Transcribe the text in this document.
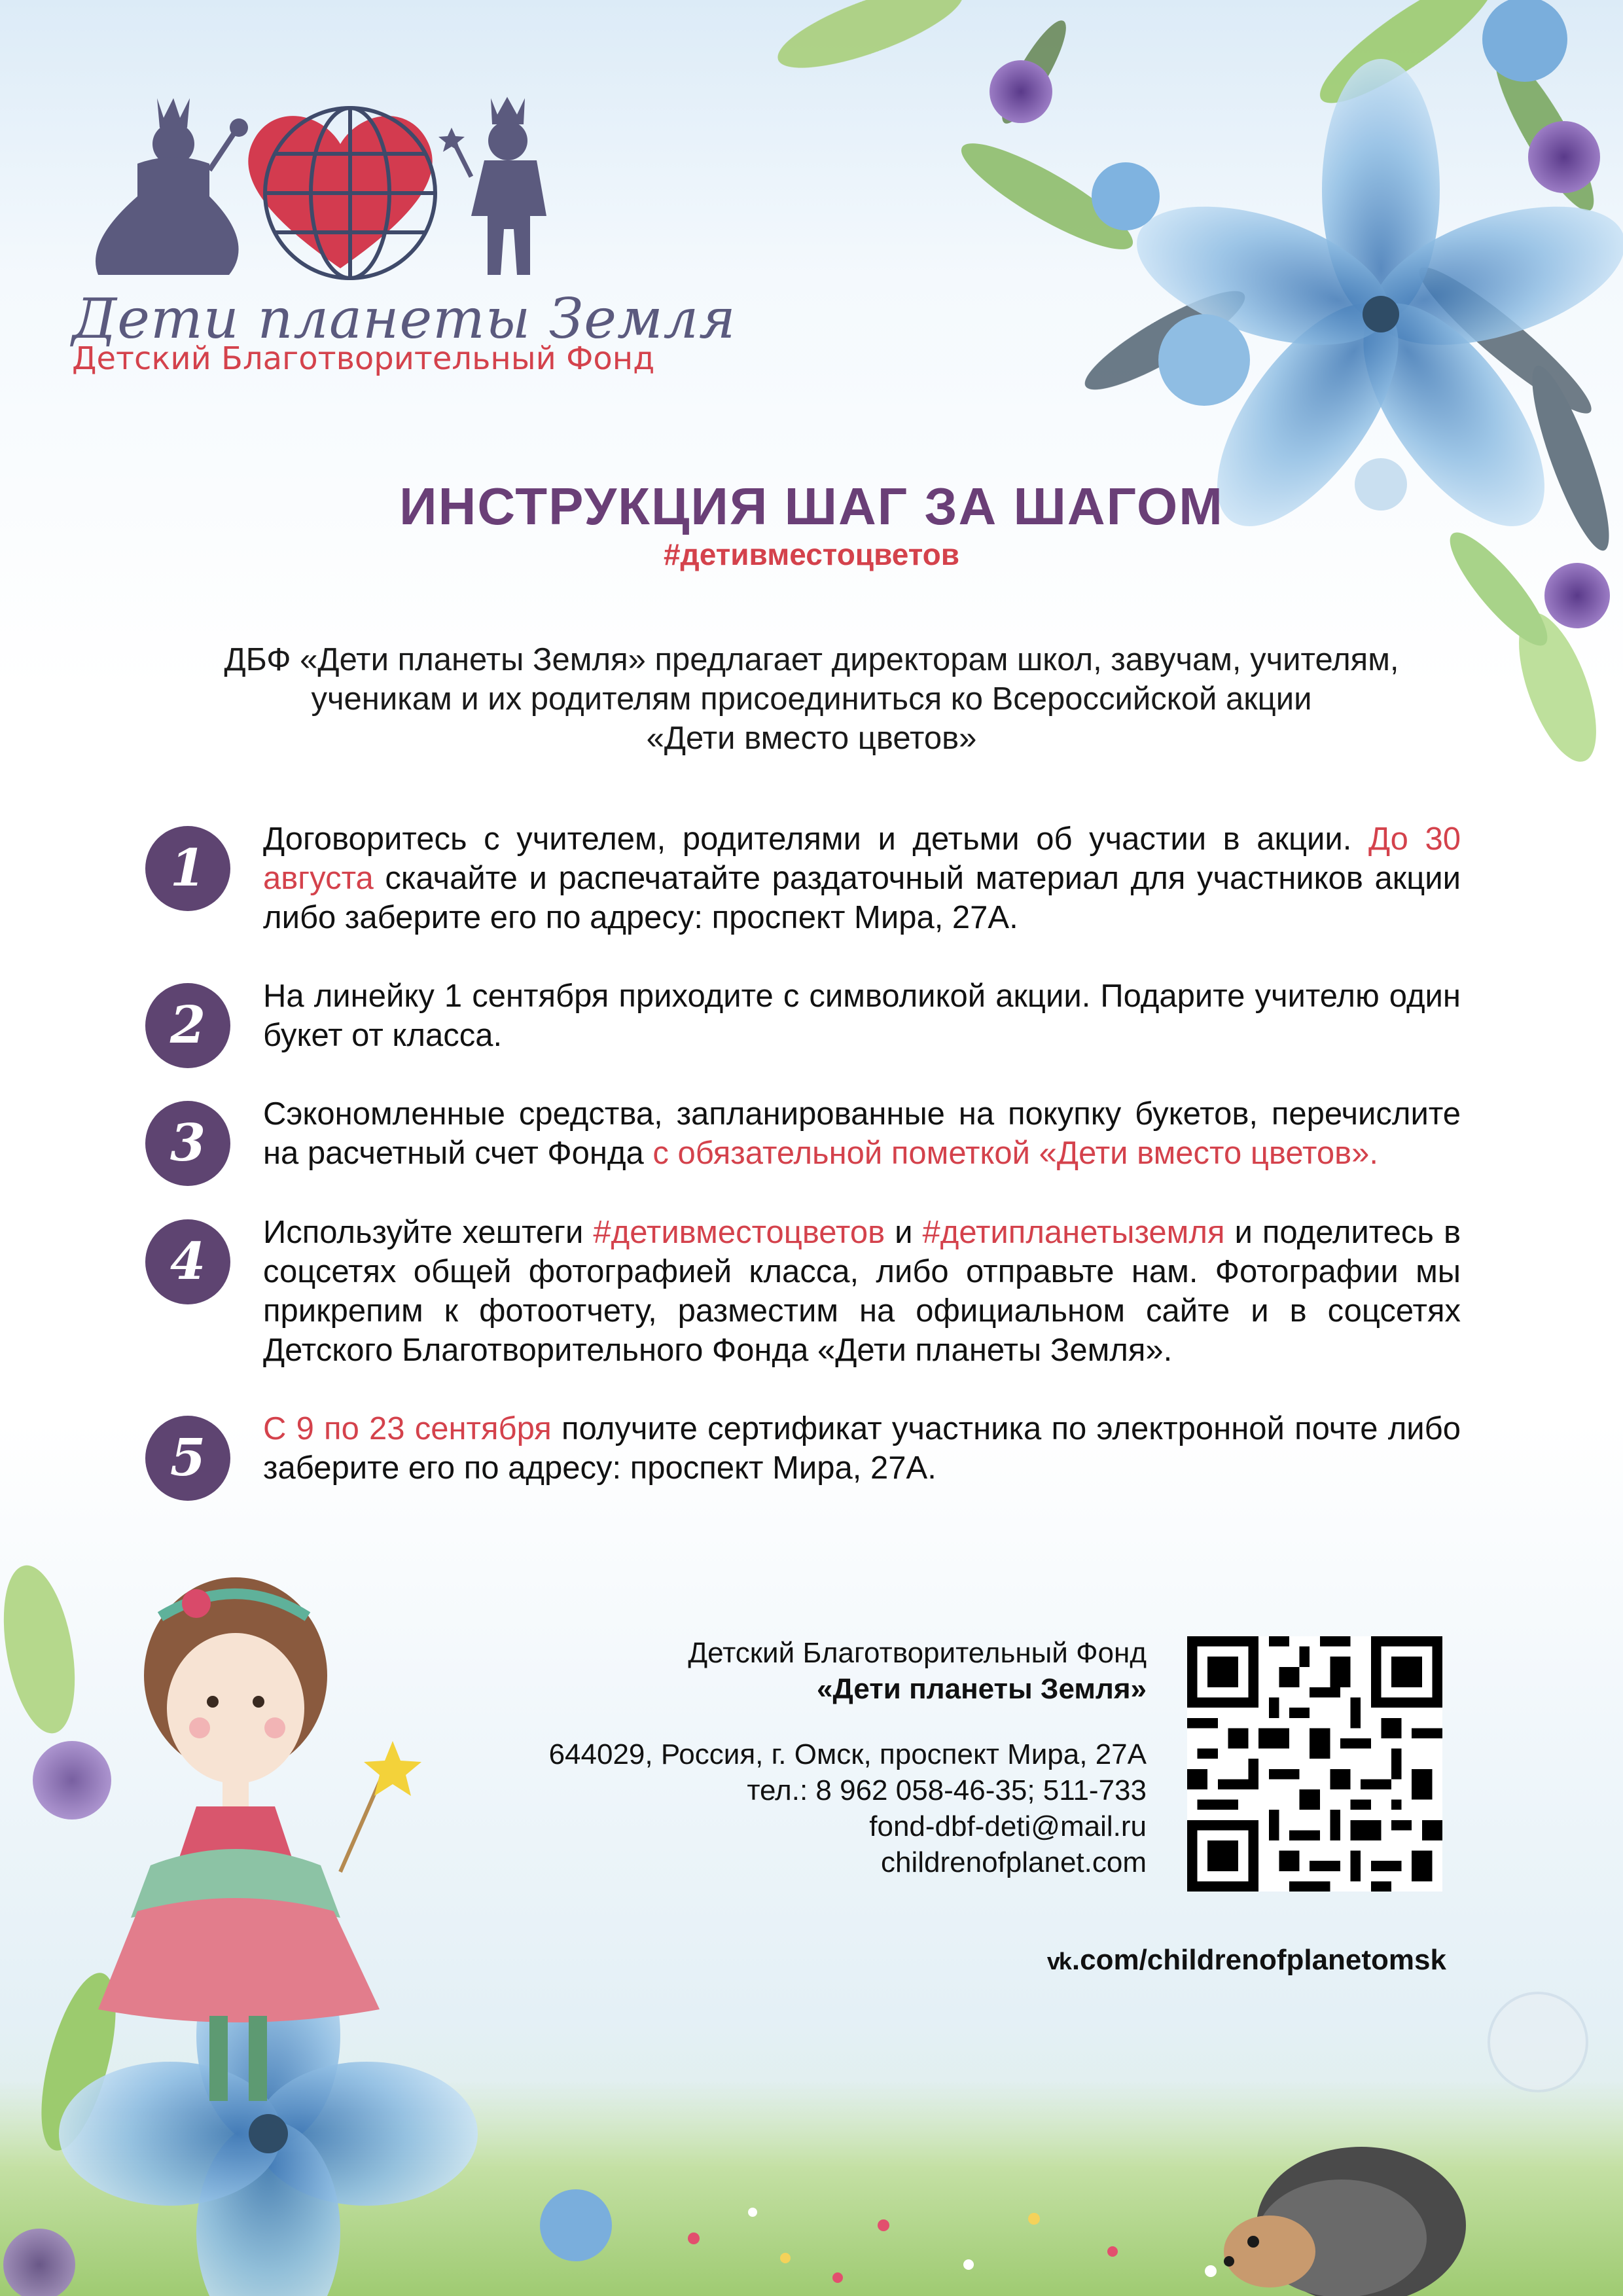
Дети планеты Земля
Детский Благотворительный Фонд
ИНСТРУКЦИЯ ШАГ ЗА ШАГОМ
#детивместоцветов
ДБФ «Дети планеты Земля» предлагает директорам школ, завучам, учителям,
ученикам и их родителям присоединиться ко Всероссийской акции
«Дети вместо цветов»
1	Договоритесь с учителем, родителями и детьми об участии в акции. До 30 августа скачайте и распечатайте раздаточный материал для участников акции либо заберите его по адресу: проспект Мира, 27А.
2	На линейку 1 сентября приходите с символикой акции. Подарите учителю один букет от класса.
3	Сэкономленные средства, запланированные на покупку букетов, перечислите на расчетный счет Фонда с обязательной пометкой «Дети вместо цветов».
4	Используйте хештеги #детивместоцветов и #детипланетыземля и поделитесь в соцсетях общей фотографией класса, либо отправьте нам. Фотографии мы прикрепим к фотоотчету, разместим на официальном сайте и в соцсетях Детского Благотворительного Фонда «Дети планеты Земля».
5	С 9 по 23 сентября получите сертификат участника по электронной почте либо заберите его по адресу: проспект Мира, 27А.
Детский Благотворительный Фонд
«Дети планеты Земля»
644029, Россия, г. Омск, проспект Мира, 27А
тел.: 8 962 058-46-35; 511-733
fond-dbf-deti@mail.ru
childrenofplanet.com
vk.com/childrenofplanetomsk
